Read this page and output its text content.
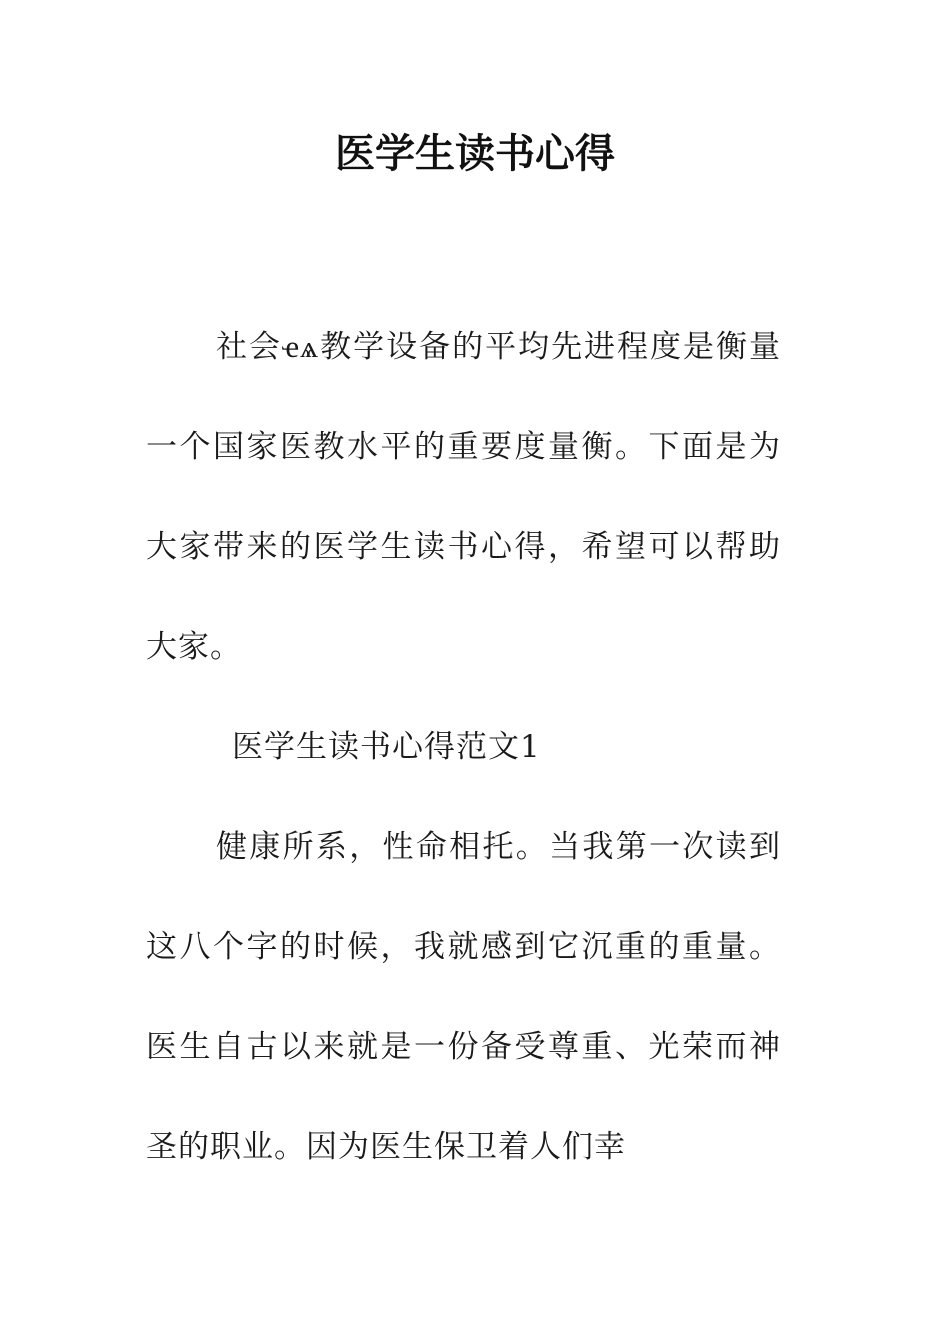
医学生读书心得

社会ҽѧ教学设备的平均先进程度是衡量一个国家医教水平的重要度量衡。下面是为大家带来的医学生读书心得，希望可以帮助大家。

医学生读书心得范文1

健康所系，性命相托。当我第一次读到这八个字的时候，我就感到它沉重的重量。医生自古以来就是一份备受尊重、光荣而神圣的职业。因为医生保卫着人们幸
